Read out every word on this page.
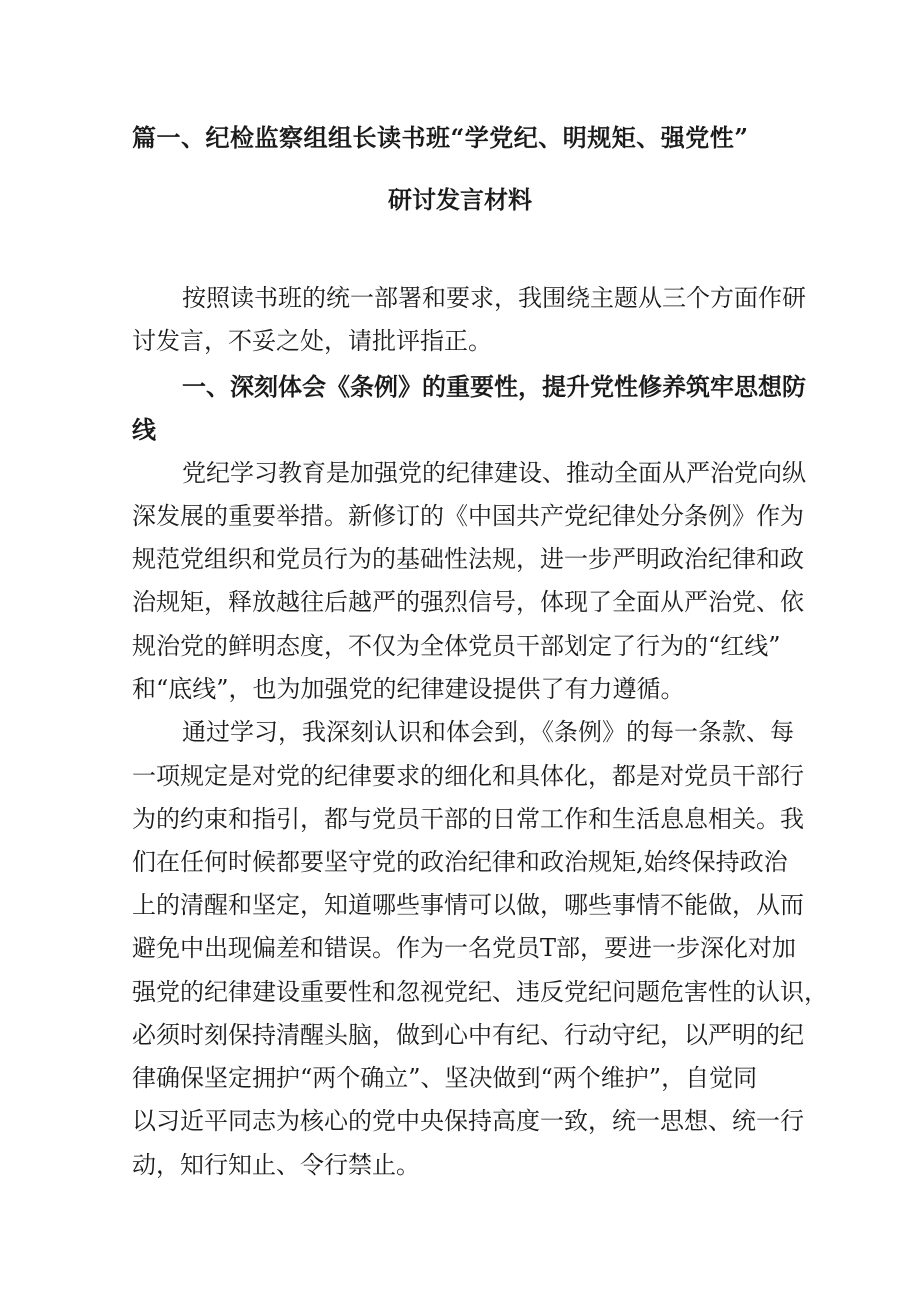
篇一、纪检监察组组长读书班“学党纪、明规矩、强党性”
研讨发言材料
按照读书班的统一部署和要求，我围绕主题从三个方面作研
讨发言，不妥之处，请批评指正。
一、深刻体会《条例》的重要性，提升党性修养筑牢思想防
线
党纪学习教育是加强党的纪律建设、推动全面从严治党向纵
深发展的重要举措。新修订的《中国共产党纪律处分条例》作为
规范党组织和党员行为的基础性法规，进一步严明政治纪律和政
治规矩，释放越往后越严的强烈信号，体现了全面从严治党、依
规治党的鲜明态度，不仅为全体党员干部划定了行为的“红线”
和“底线”，也为加强党的纪律建设提供了有力遵循。
通过学习，我深刻认识和体会到，《条例》的每一条款、每
一项规定是对党的纪律要求的细化和具体化，都是对党员干部行
为的约束和指引，都与党员干部的日常工作和生活息息相关。我
们在任何时候都要坚守党的政治纪律和政治规矩,始终保持政治
上的清醒和坚定，知道哪些事情可以做，哪些事情不能做，从而
避免中出现偏差和错误。作为一名党员T部，要进一步深化对加
强党的纪律建设重要性和忽视党纪、违反党纪问题危害性的认识，
必须时刻保持清醒头脑，做到心中有纪、行动守纪，以严明的纪
律确保坚定拥护“两个确立”、坚决做到“两个维护”，自觉同
以习近平同志为核心的党中央保持高度一致，统一思想、统一行
动，知行知止、令行禁止。
